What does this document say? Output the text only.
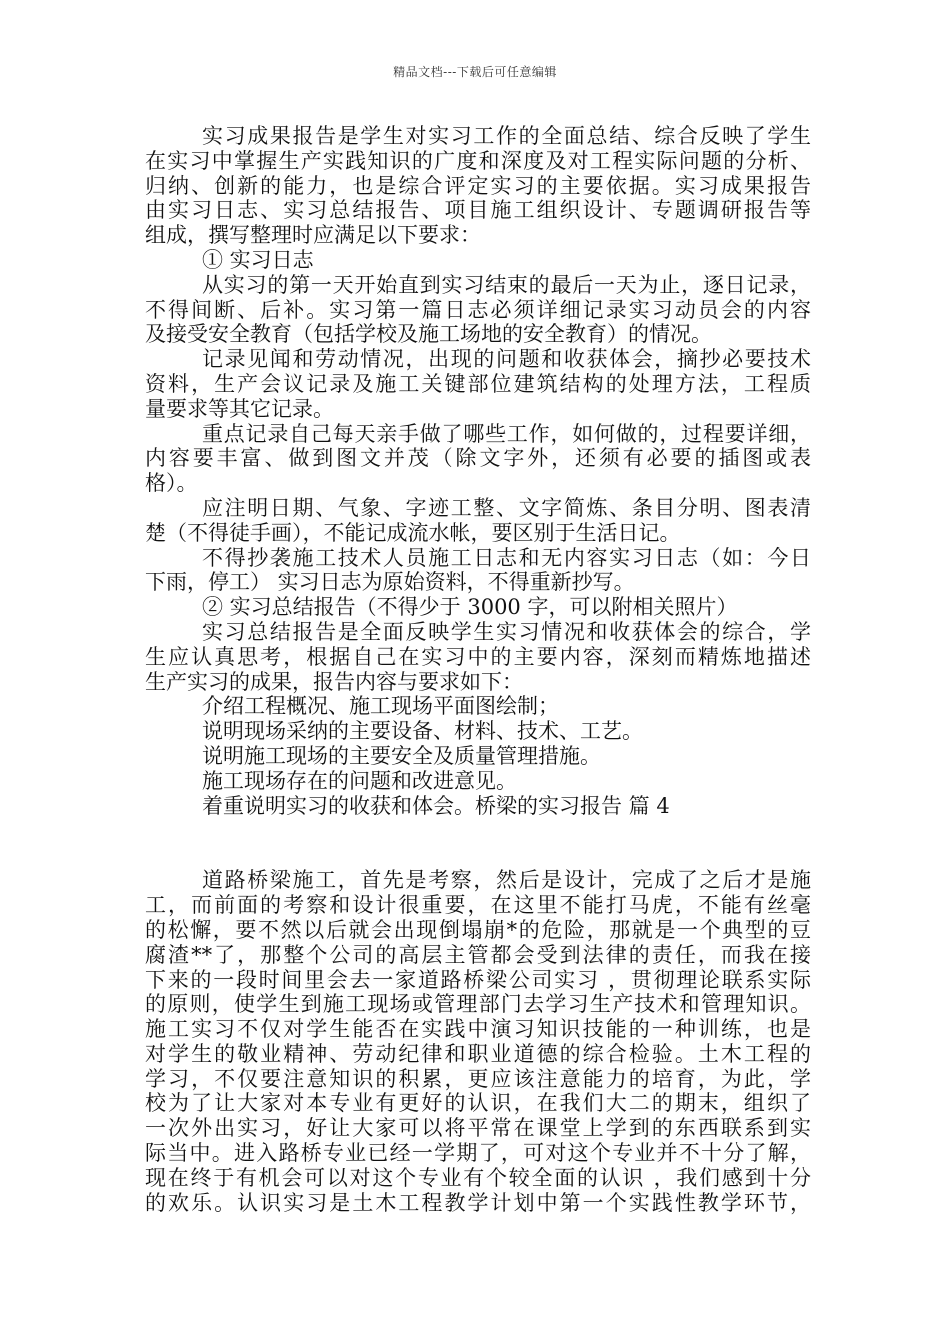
精品文档---下载后可任意编辑
实习成果报告是学生对实习工作的全面总结、综合反映了学生
在实习中掌握生产实践知识的广度和深度及对工程实际问题的分析、
归纳、创新的能力，也是综合评定实习的主要依据。实习成果报告
由实习日志、实习总结报告、项目施工组织设计、专题调研报告等
组成，撰写整理时应满足以下要求：
① 实习日志
从实习的第一天开始直到实习结束的最后一天为止，逐日记录，
不得间断、后补。实习第一篇日志必须详细记录实习动员会的内容
及接受安全教育（包括学校及施工场地的安全教育）的情况。
记录见闻和劳动情况，出现的问题和收获体会，摘抄必要技术
资料，生产会议记录及施工关键部位建筑结构的处理方法，工程质
量要求等其它记录。
重点记录自己每天亲手做了哪些工作，如何做的，过程要详细，
内容要丰富、做到图文并茂（除文字外，还须有必要的插图或表
格）。
应注明日期、气象、字迹工整、文字简炼、条目分明、图表清
楚（不得徒手画），不能记成流水帐，要区别于生活日记。
不得抄袭施工技术人员施工日志和无内容实习日志（如：今日
下雨，停工） 实习日志为原始资料，不得重新抄写。
② 实习总结报告（不得少于 3000 字，可以附相关照片）
实习总结报告是全面反映学生实习情况和收获体会的综合，学
生应认真思考，根据自己在实习中的主要内容，深刻而精炼地描述
生产实习的成果，报告内容与要求如下：
介绍工程概况、施工现场平面图绘制；
说明现场采纳的主要设备、材料、技术、工艺。
说明施工现场的主要安全及质量管理措施。
施工现场存在的问题和改进意见。
着重说明实习的收获和体会。桥梁的实习报告 篇 4
道路桥梁施工，首先是考察，然后是设计，完成了之后才是施
工，而前面的考察和设计很重要，在这里不能打马虎，不能有丝毫
的松懈，要不然以后就会出现倒塌崩*的危险，那就是一个典型的豆
腐渣**了，那整个公司的高层主管都会受到法律的责任，而我在接
下来的一段时间里会去一家道路桥梁公司实习 ，贯彻理论联系实际
的原则，使学生到施工现场或管理部门去学习生产技术和管理知识。
施工实习不仅对学生能否在实践中演习知识技能的一种训练，也是
对学生的敬业精神、劳动纪律和职业道德的综合检验。土木工程的
学习，不仅要注意知识的积累，更应该注意能力的培育，为此，学
校为了让大家对本专业有更好的认识，在我们大二的期末，组织了
一次外出实习，好让大家可以将平常在课堂上学到的东西联系到实
际当中。进入路桥专业已经一学期了，可对这个专业并不十分了解，
现在终于有机会可以对这个专业有个较全面的认识 ，我们感到十分
的欢乐。认识实习是土木工程教学计划中第一个实践性教学环节，
